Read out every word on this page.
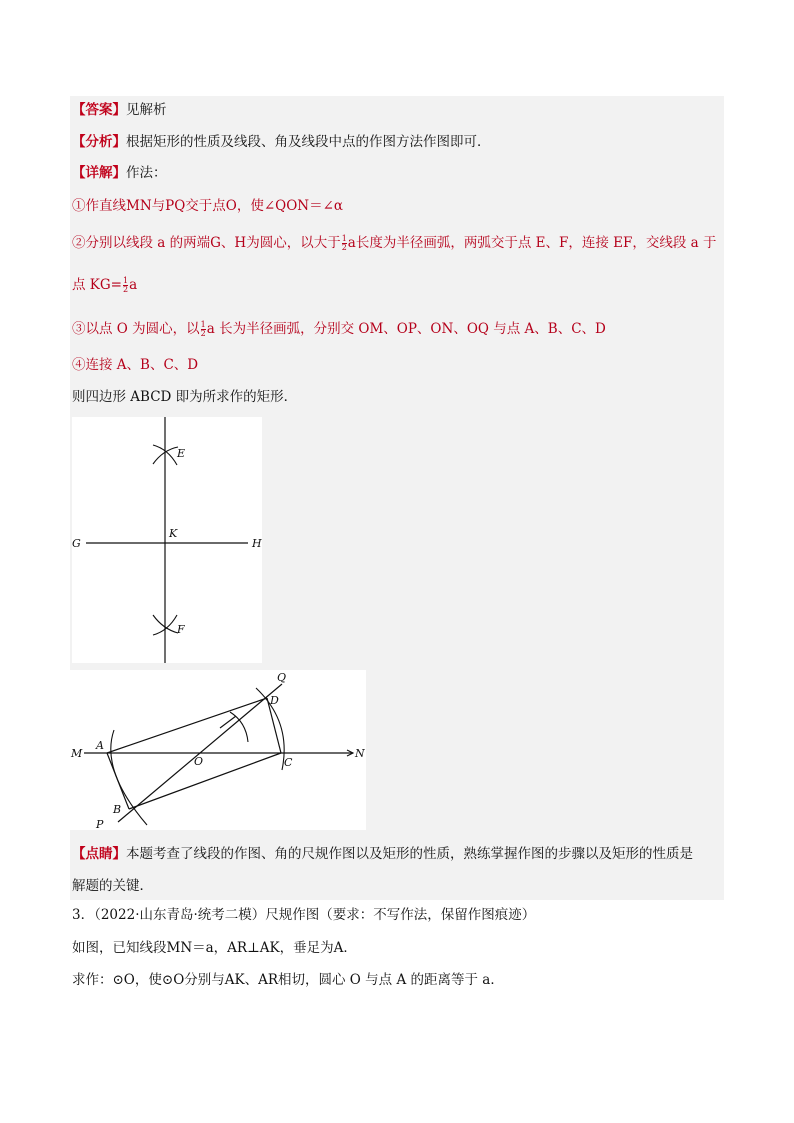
【答案】见解析
【分析】根据矩形的性质及线段、角及线段中点的作图方法作图即可．
【详解】作法：
①作直线MN与PQ交于点O，使∠QON＝∠α
②分别以线段 a 的两端G、H为圆心，以大于 $\frac{1}{2}$ a长度为半径画弧，两弧交于点 E、F，连接 EF，交线段 a 于
点 $KG= \frac{1}{2}$ a
③以点 O 为圆心，以 $\frac{1}{2}$ a 长为半径画弧，分别交 OM、OP、ON、OQ 与点 A、B、C、D
④连接 A、B、C、D
则四边形 ABCD 即为所求作的矩形．
E
F
G	H
K
M	N
P
Q
A
B
C
D
O
【点睛】本题考查了线段的作图、角的尺规作图以及矩形的性质，熟练掌握作图的步骤以及矩形的性质是
解题的关键．
3．（2022·山东青岛·统考二模）尺规作图（要求：不写作法，保留作图痕迹）
如图，已知线段MN＝a，AR⊥AK，垂足为A．
求作：⊙O，使⊙O分别与AK、AR相切，圆心 O 与点 A 的距离等于 a．
